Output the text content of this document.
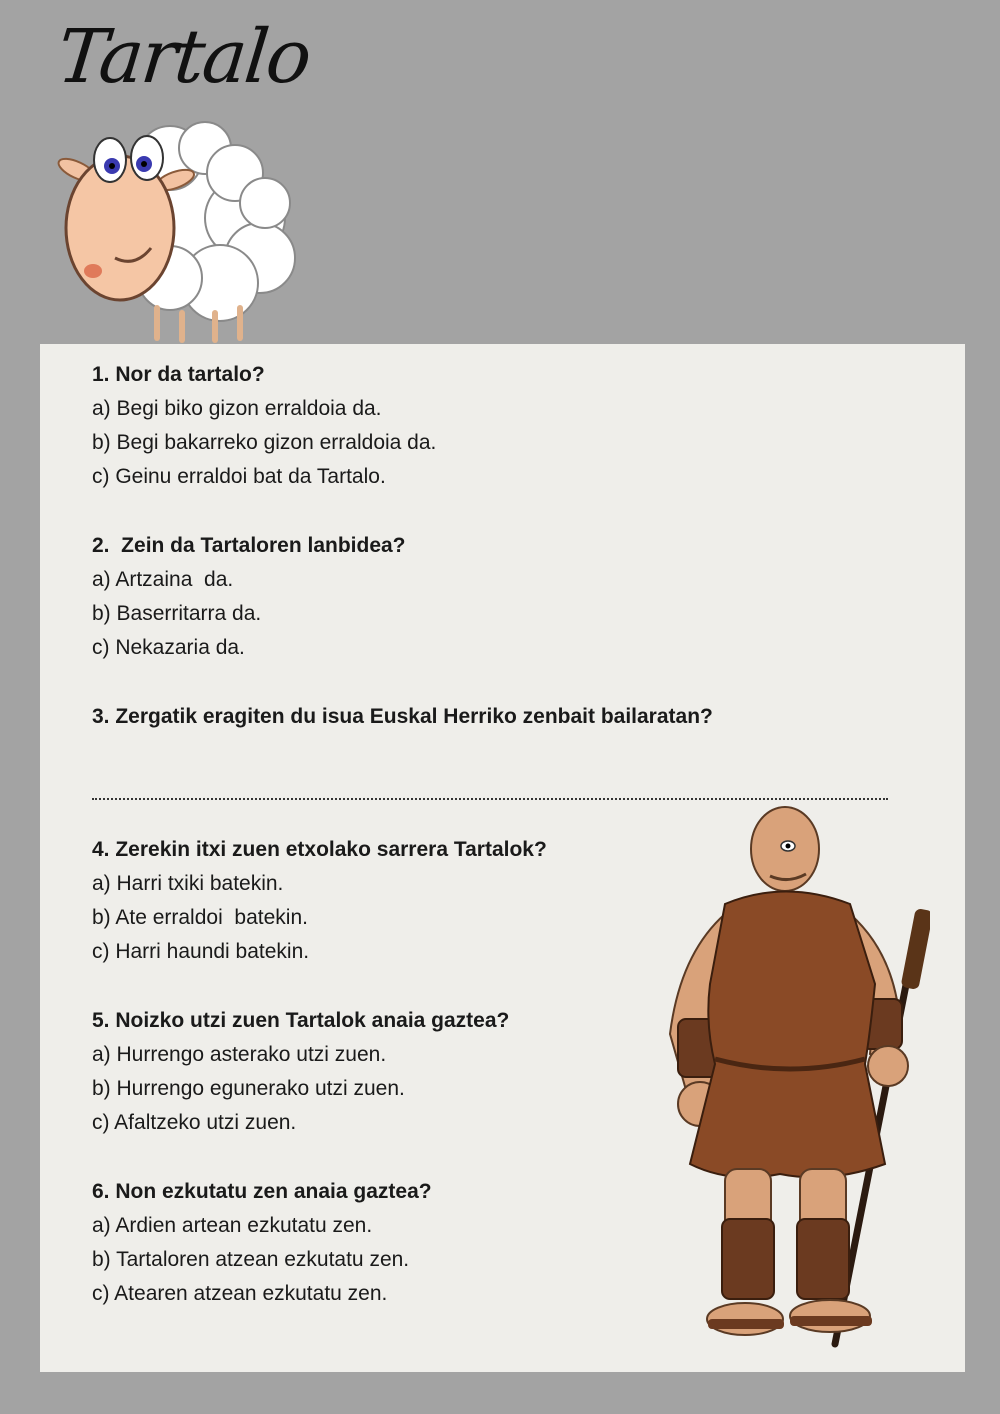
Tartalo
1. Nor da tartalo?
a) Begi biko gizon erraldoia da.
b) Begi bakarreko gizon erraldoia da.
c) Geinu erraldoi bat da Tartalo.
2.  Zein da Tartaloren lanbidea?
a) Artzaina  da.
b) Baserritarra da.
c) Nekazaria da.
3. Zergatik eragiten du isua Euskal Herriko zenbait bailaratan?
4. Zerekin itxi zuen etxolako sarrera Tartalok?
a) Harri txiki batekin.
b) Ate erraldoi  batekin.
c) Harri haundi batekin.
5. Noizko utzi zuen Tartalok anaia gaztea?
a) Hurrengo asterako utzi zuen.
b) Hurrengo egunerako utzi zuen.
c) Afaltzeko utzi zuen.
6. Non ezkutatu zen anaia gaztea?
a) Ardien artean ezkutatu zen.
b) Tartaloren atzean ezkutatu zen.
c) Atearen atzean ezkutatu zen.
